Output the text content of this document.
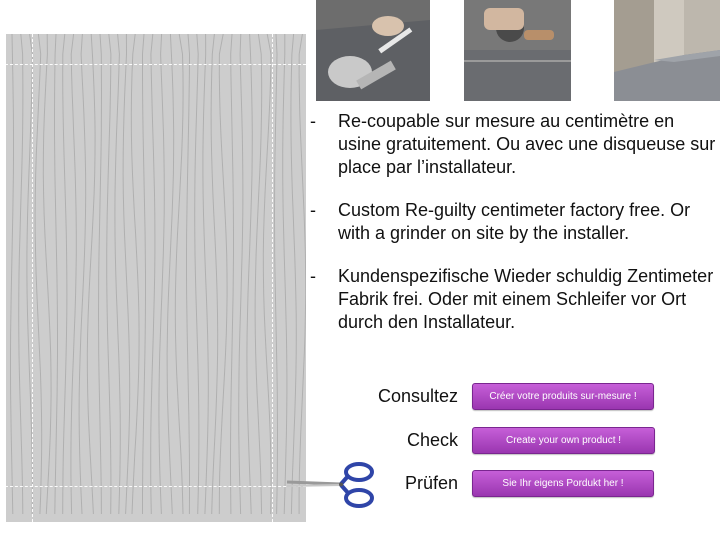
- Re-coupable sur mesure au centimètre en usine gratuitement. Ou avec une disqueuse sur place par l’installateur.
- Custom Re-guilty centimeter factory free. Or with a grinder on site by the installer.
- Kundenspezifische Wieder schuldig Zentimeter Fabrik frei. Oder mit einem Schleifer vor Ort durch den Installateur.
Consultez	Créer votre produits sur-mesure !
Check	Create your own product !
Prüfen	Sie Ihr eigens Pordukt her !
